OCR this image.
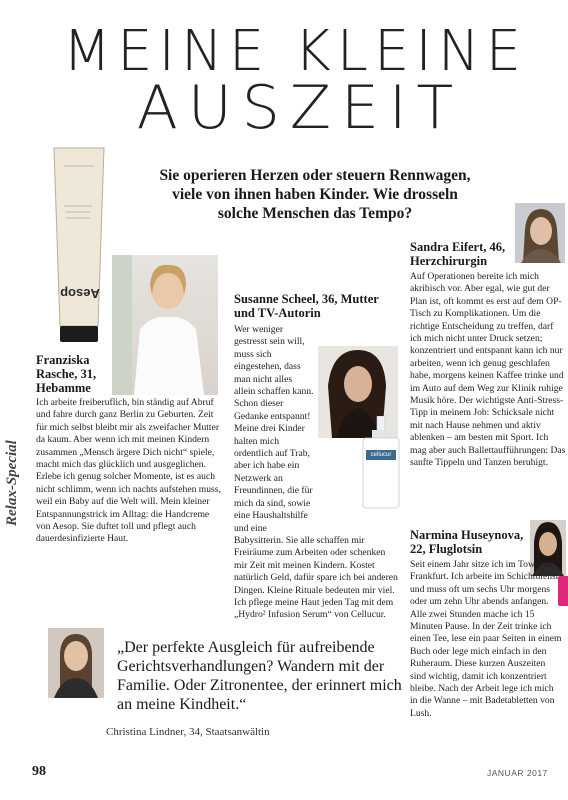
MEINE KLEINE
AUSZEIT
Sie operieren Herzen oder steuern Rennwagen, viele von ihnen haben Kinder. Wie drosseln solche Menschen das Tempo?
Aesop
Relax-Special
Franziska Rasche, 31, Hebamme
Ich arbeite freiberuflich, bin ständig auf Abruf und fahre durch ganz Berlin zu Geburten. Zeit für mich selbst bleibt mir als zweifacher Mutter da kaum. Aber wenn ich mit meinen Kindern zusammen „Mensch ärgere Dich nicht“ spiele, macht mich das glücklich und ausgeglichen. Erlebe ich genug solcher Momente, ist es auch nicht schlimm, wenn ich nachts aufstehen muss, weil ein Baby auf die Welt will. Mein kleiner Entspannungstrick im Alltag: die Handcreme von Aesop. Sie duftet toll und pflegt auch dauerdesinfizierte Haut.
Susanne Scheel, 36, Mutter und TV-Autorin
Wer weniger gestresst sein will, muss sich eingestehen, dass man nicht alles allein schaffen kann. Schon dieser Gedanke entspannt! Meine drei Kinder halten mich ordentlich auf Trab, aber ich habe ein Netzwerk an Freundinnen, die für mich da sind, sowie eine Haushaltshilfe und eine Babysitterin. Sie alle schaffen mir Freiräume zum Arbeiten oder schenken mir Zeit mit meinen Kindern. Kostet natürlich Geld, dafür spare ich bei anderen Dingen. Kleine Rituale bedeuten mir viel. Ich pflege meine Haut jeden Tag mit dem „Hydro² Infusion Serum“ von Cellucur.
cellucur
Sandra Eifert, 46, Herzchirurgin
Auf Operationen bereite ich mich akribisch vor. Aber egal, wie gut der Plan ist, oft kommt es erst auf dem OP-Tisch zu Komplikationen. Um die richtige Entscheidung zu treffen, darf ich mich nicht unter Druck setzen; konzentriert und entspannt kann ich nur arbeiten, wenn ich genug geschlafen habe, morgens keinen Kaffee trinke und im Auto auf dem Weg zur Klinik ruhige Musik höre. Der wichtigste Anti-Stress-Tipp in meinem Job: Schicksale nicht mit nach Hause nehmen und aktiv ablenken – am besten mit Sport. Ich mag aber auch Ballettaufführungen: Das sanfte Tippeln und Tanzen beruhigt.
Narmina Huseynova, 22, Fluglotsin
Seit einem Jahr sitze ich im Tower in Frankfurt. Ich arbeite im Schichtdienst und muss oft um sechs Uhr morgens oder um zehn Uhr abends anfangen. Alle zwei Stunden mache ich 15 Minuten Pause. In der Zeit trinke ich einen Tee, lese ein paar Seiten in einem Buch oder lege mich einfach in den Ruheraum. Diese kurzen Auszeiten sind wichtig, damit ich konzentriert bleibe. Nach der Arbeit lege ich mich in die Wanne – mit Badetabletten von Lush.
„Der perfekte Ausgleich für aufreibende Gerichtsverhandlungen? Wandern mit der Familie. Oder Zitronentee, der erinnert mich an meine Kindheit.“
Christina Lindner, 34, Staatsanwältin
98	JANUAR 2017
